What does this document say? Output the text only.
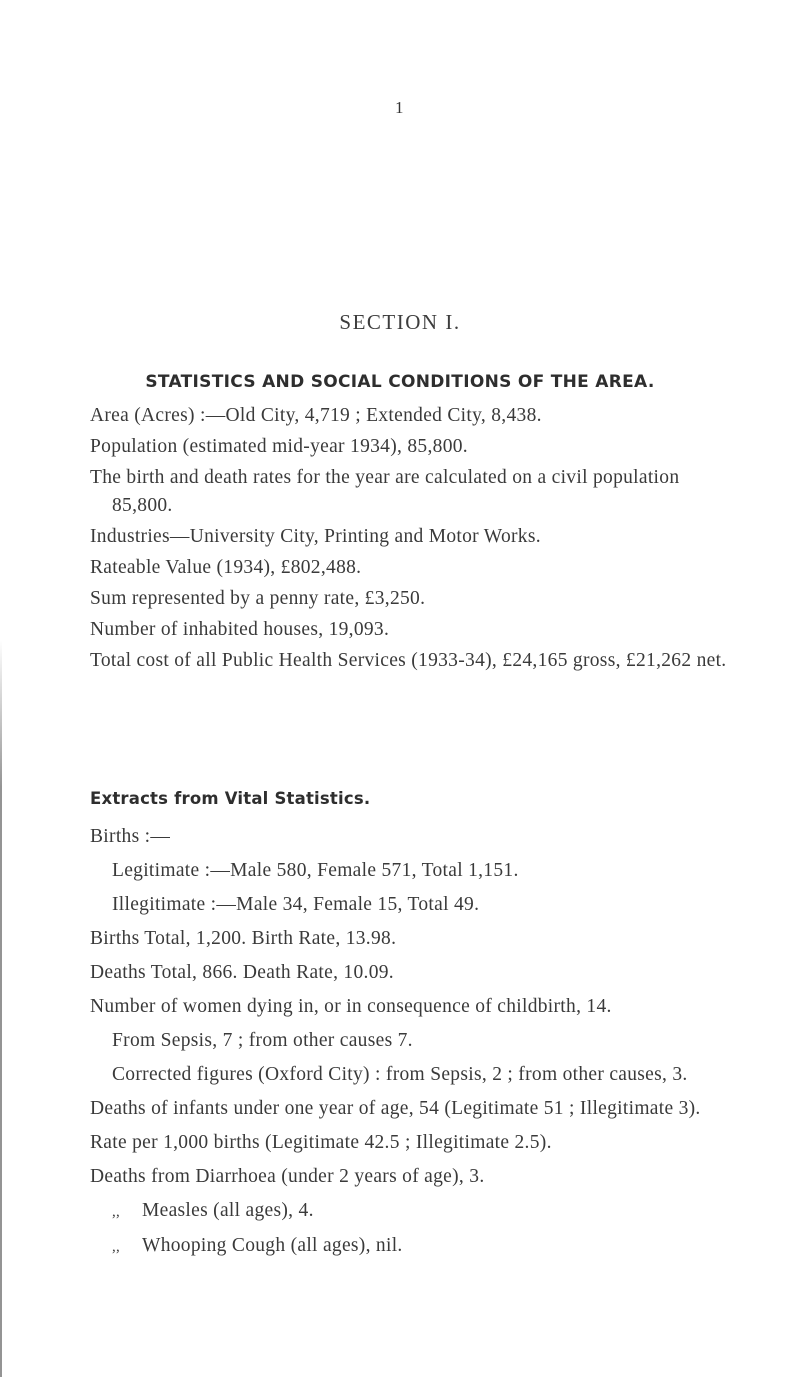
1
SECTION I.
STATISTICS AND SOCIAL CONDITIONS OF THE AREA.

Area (Acres) :—Old City, 4,719 ; Extended City, 8,438.

Population (estimated mid-year 1934), 85,800.

The birth and death rates for the year are calculated on a civil population 85,800.

Industries—University City, Printing and Motor Works.

Rateable Value (1934), £802,488.

Sum represented by a penny rate, £3,250.

Number of inhabited houses, 19,093.

Total cost of all Public Health Services (1933-34), £24,165 gross, £21,262 net.

Extracts from Vital Statistics.

Births :—

Legitimate :—Male 580, Female 571, Total 1,151.

Illegitimate :—Male 34, Female 15, Total 49.

Births Total, 1,200. Birth Rate, 13.98.

Deaths Total, 866. Death Rate, 10.09.

Number of women dying in, or in consequence of childbirth, 14.

From Sepsis, 7 ; from other causes 7.

Corrected figures (Oxford City) : from Sepsis, 2 ; from other causes, 3.

Deaths of infants under one year of age, 54 (Legitimate 51 ; Illegitimate 3).

Rate per 1,000 births (Legitimate 42.5 ; Illegitimate 2.5).

Deaths from Diarrhoea (under 2 years of age), 3.

,, Measles (all ages), 4.

,, Whooping Cough (all ages), nil.
